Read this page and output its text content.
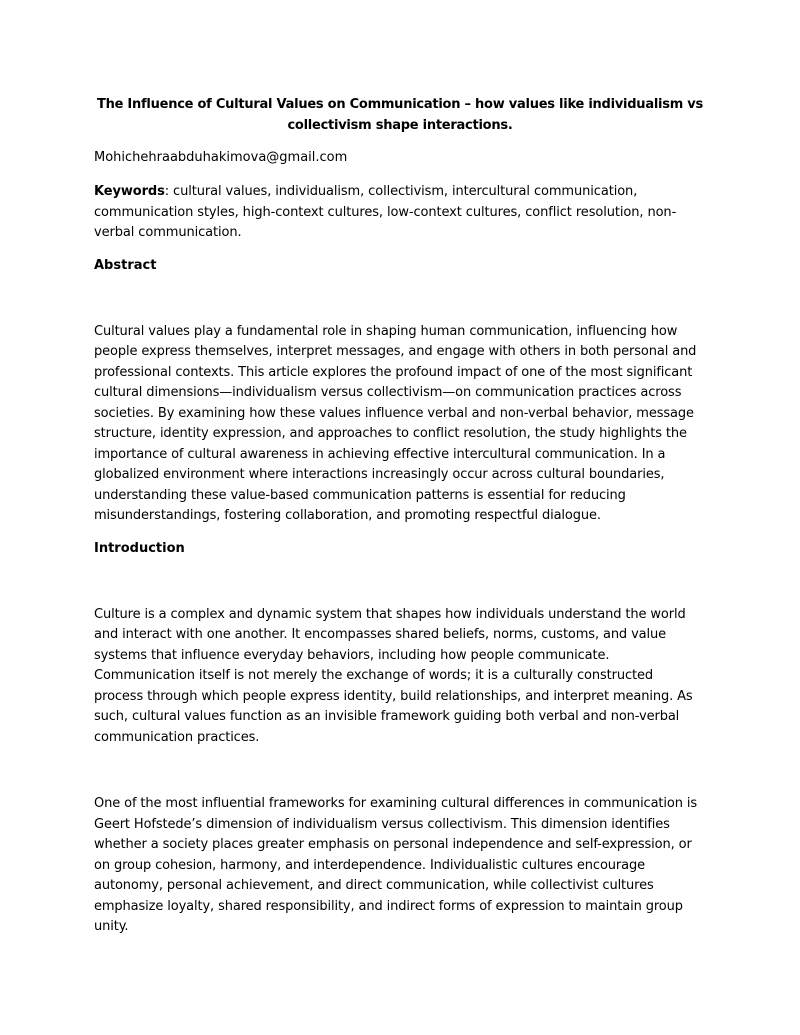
The Influence of Cultural Values on Communication – how values like individualism vs collectivism shape interactions.

Mohichehraabduhakimova@gmail.com

Keywords: cultural values, individualism, collectivism, intercultural communication, communication styles, high-context cultures, low-context cultures, conflict resolution, non-verbal communication.

Abstract

Cultural values play a fundamental role in shaping human communication, influencing how people express themselves, interpret messages, and engage with others in both personal and professional contexts. This article explores the profound impact of one of the most significant cultural dimensions—individualism versus collectivism—on communication practices across societies. By examining how these values influence verbal and non-verbal behavior, message structure, identity expression, and approaches to conflict resolution, the study highlights the importance of cultural awareness in achieving effective intercultural communication. In a globalized environment where interactions increasingly occur across cultural boundaries, understanding these value-based communication patterns is essential for reducing misunderstandings, fostering collaboration, and promoting respectful dialogue.

Introduction

Culture is a complex and dynamic system that shapes how individuals understand the world and interact with one another. It encompasses shared beliefs, norms, customs, and value systems that influence everyday behaviors, including how people communicate. Communication itself is not merely the exchange of words; it is a culturally constructed process through which people express identity, build relationships, and interpret meaning. As such, cultural values function as an invisible framework guiding both verbal and non-verbal communication practices.

One of the most influential frameworks for examining cultural differences in communication is Geert Hofstede’s dimension of individualism versus collectivism. This dimension identifies whether a society places greater emphasis on personal independence and self-expression, or on group cohesion, harmony, and interdependence. Individualistic cultures encourage autonomy, personal achievement, and direct communication, while collectivist cultures emphasize loyalty, shared responsibility, and indirect forms of expression to maintain group unity.
